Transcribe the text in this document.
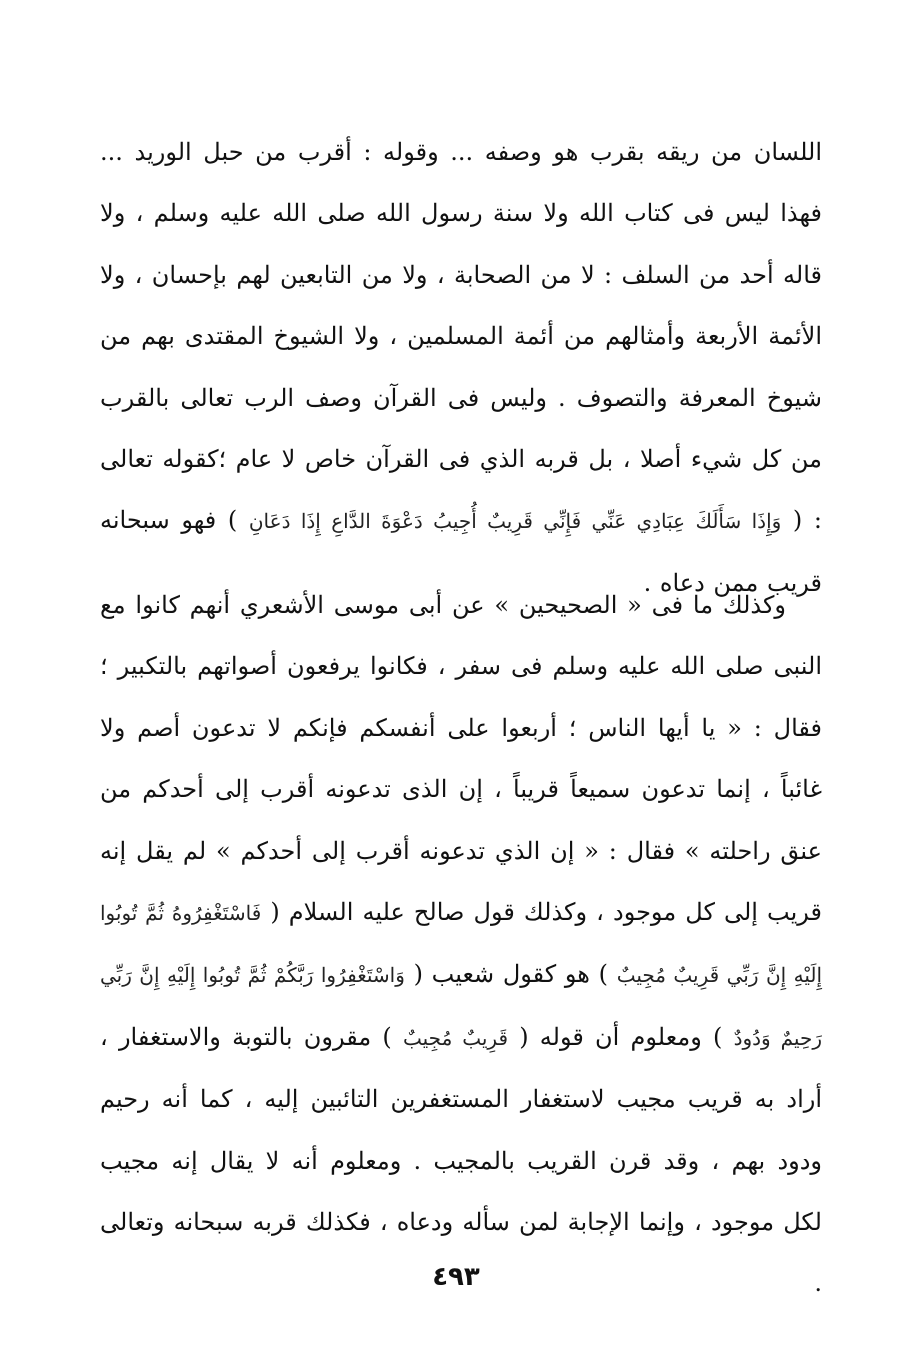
اللسان من ريقه بقرب هو وصفه ... وقوله : أقرب من حبل الوريد ... فهذا ليس فى كتاب الله ولا سنة رسول الله صلى الله عليه وسلم ، ولا قاله أحد من السلف : لا من الصحابة ، ولا من التابعين لهم بإحسان ، ولا الأئمة الأربعة وأمثالهم من أئمة المسلمين ، ولا الشيوخ المقتدى بهم من شيوخ المعرفة والتصوف . وليس فى القرآن وصف الرب تعالى بالقرب من كل شيء أصلا ، بل قربه الذي فى القرآن خاص لا عام ؛كقوله تعالى : ( وَإِذَا سَأَلَكَ عِبَادِي عَنِّي فَإِنِّي قَرِيبٌ أُجِيبُ دَعْوَةَ الدَّاعِ إِذَا دَعَانِ ) فهو سبحانه قريب ممن دعاه .
وكذلك ما فى « الصحيحين » عن أبى موسى الأشعري أنهم كانوا مع النبى صلى الله عليه وسلم فى سفر ، فكانوا يرفعون أصواتهم بالتكبير ؛ فقال : « يا أيها الناس ؛ أربعوا على أنفسكم فإنكم لا تدعون أصم ولا غائباً ، إنما تدعون سميعاً قريباً ، إن الذى تدعونه أقرب إلى أحدكم من عنق راحلته » فقال : « إن الذي تدعونه أقرب إلى أحدكم » لم يقل إنه قريب إلى كل موجود ، وكذلك قول صالح عليه السلام ( فَاسْتَغْفِرُوهُ ثُمَّ تُوبُوا إِلَيْهِ إِنَّ رَبِّي قَرِيبٌ مُجِيبٌ ) هو كقول شعيب ( وَاسْتَغْفِرُوا رَبَّكُمْ ثُمَّ تُوبُوا إِلَيْهِ إِنَّ رَبِّي رَحِيمٌ وَدُودٌ ) ومعلوم أن قوله ( قَرِيبٌ مُجِيبٌ ) مقرون بالتوبة والاستغفار ، أراد به قريب مجيب لاستغفار المستغفرين التائبين إليه ، كما أنه رحيم ودود بهم ، وقد قرن القريب بالمجيب . ومعلوم أنه لا يقال إنه مجيب لكل موجود ، وإنما الإجابة لمن سأله ودعاه ، فكذلك قربه سبحانه وتعالى .
٤٩٣
